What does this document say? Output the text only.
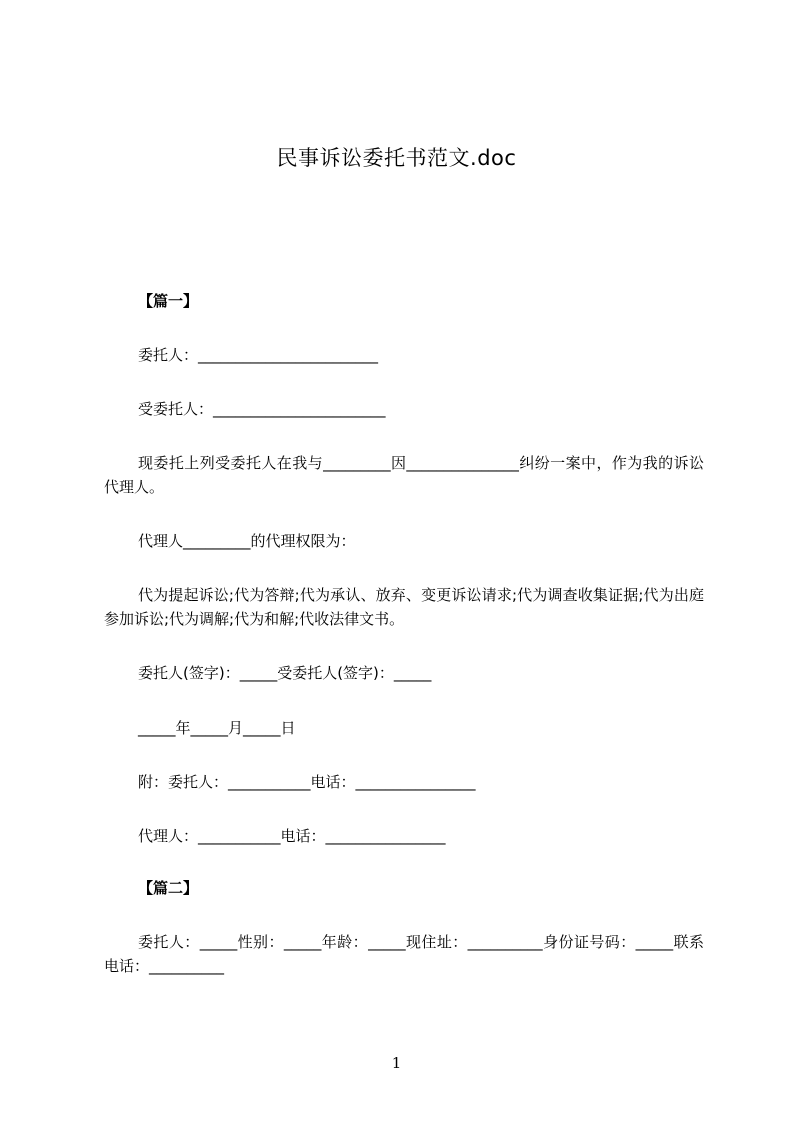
民事诉讼委托书范文.doc
【篇一】
委托人：________________________
受委托人：_______________________
现委托上列受委托人在我与_________因_______________纠纷一案中，作为我的诉讼代理人。
代理人_________的代理权限为：
代为提起诉讼;代为答辩;代为承认、放弃、变更诉讼请求;代为调查收集证据;代为出庭参加诉讼;代为调解;代为和解;代收法律文书。
委托人(签字)：_____受委托人(签字)：_____
_____年_____月_____日
附：委托人：___________电话：________________
代理人：___________电话：________________
【篇二】
委托人：_____性别：_____年龄：_____现住址：__________身份证号码：_____联系电话：__________
1
